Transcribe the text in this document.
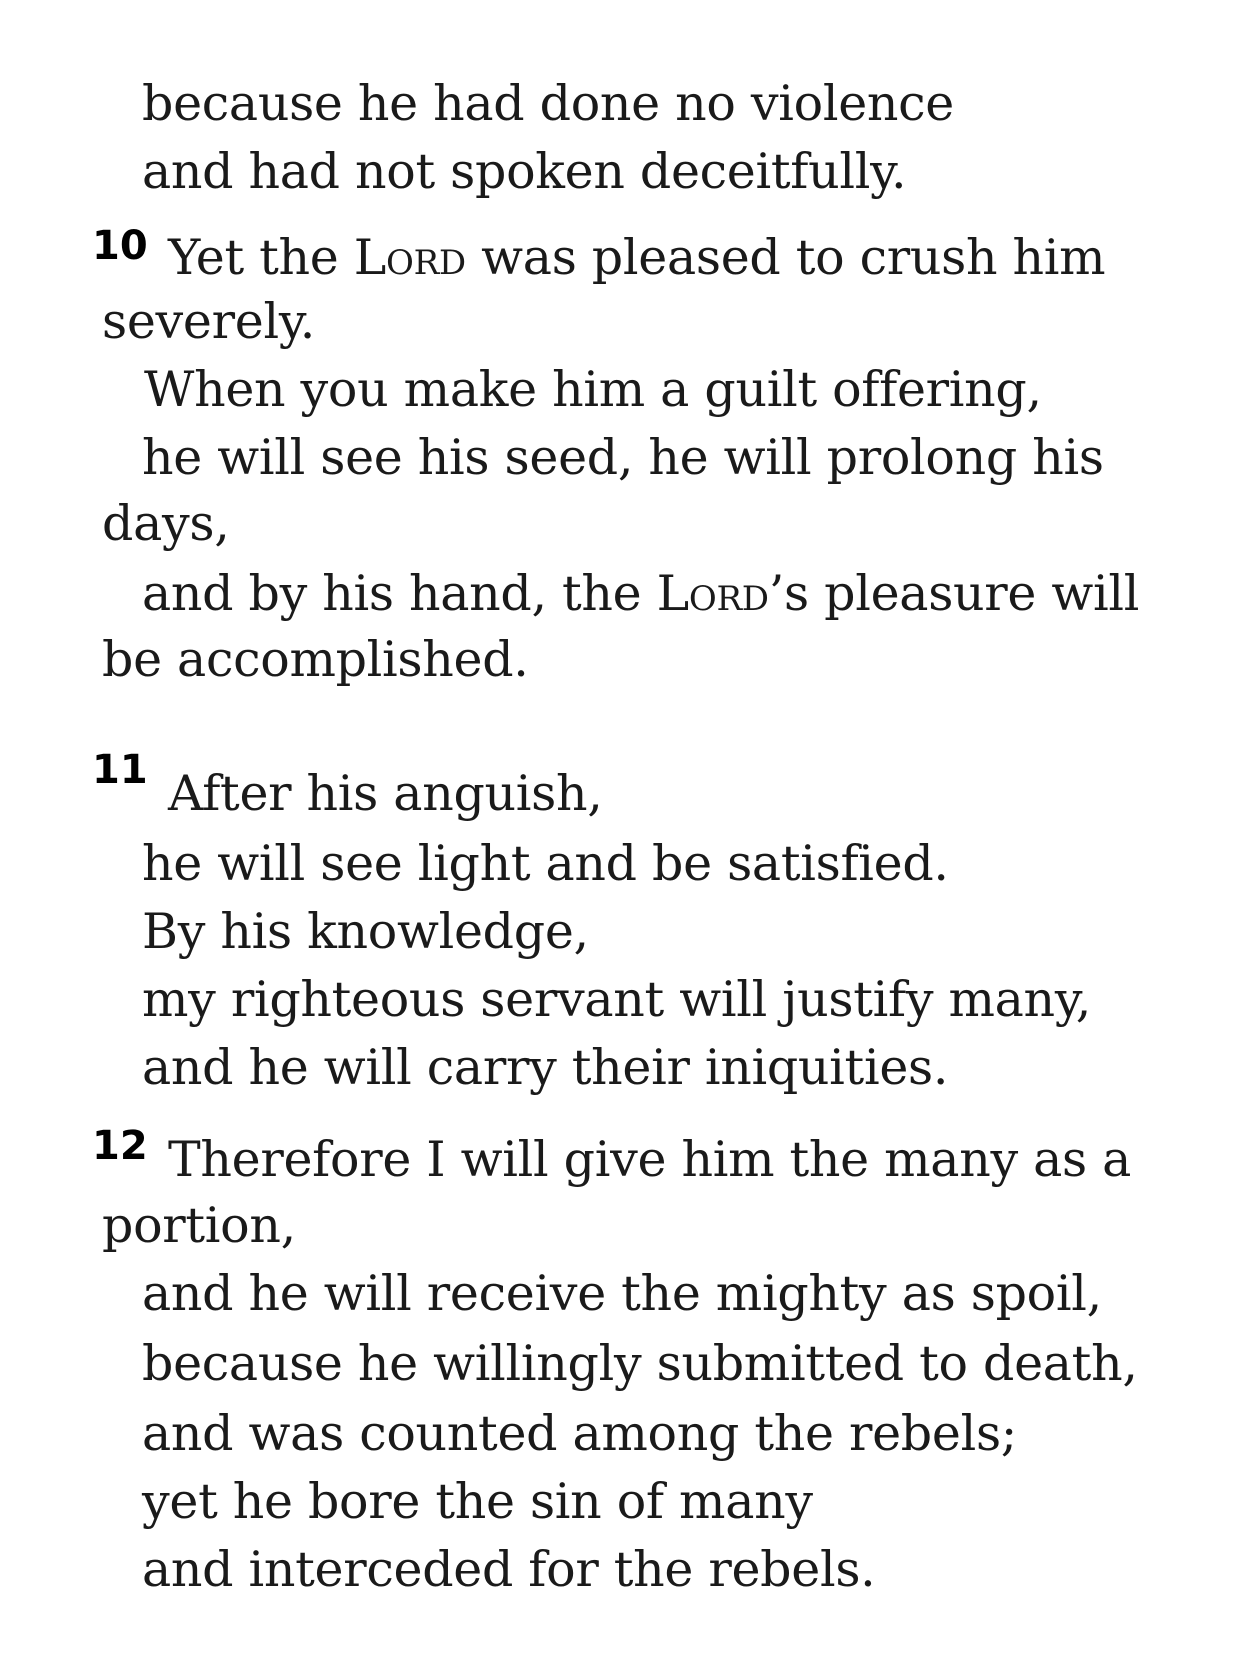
because he had done no violence
and had not spoken deceitfully.
10 Yet the Lord was pleased to crush him
severely.
When you make him a guilt offering,
he will see his seed, he will prolong his
days,
and by his hand, the Lord’s pleasure will
be accomplished.
11 After his anguish,
he will see light and be satisfied.
By his knowledge,
my righteous servant will justify many,
and he will carry their iniquities.
12 Therefore I will give him the many as a
portion,
and he will receive the mighty as spoil,
because he willingly submitted to death,
and was counted among the rebels;
yet he bore the sin of many
and interceded for the rebels.
